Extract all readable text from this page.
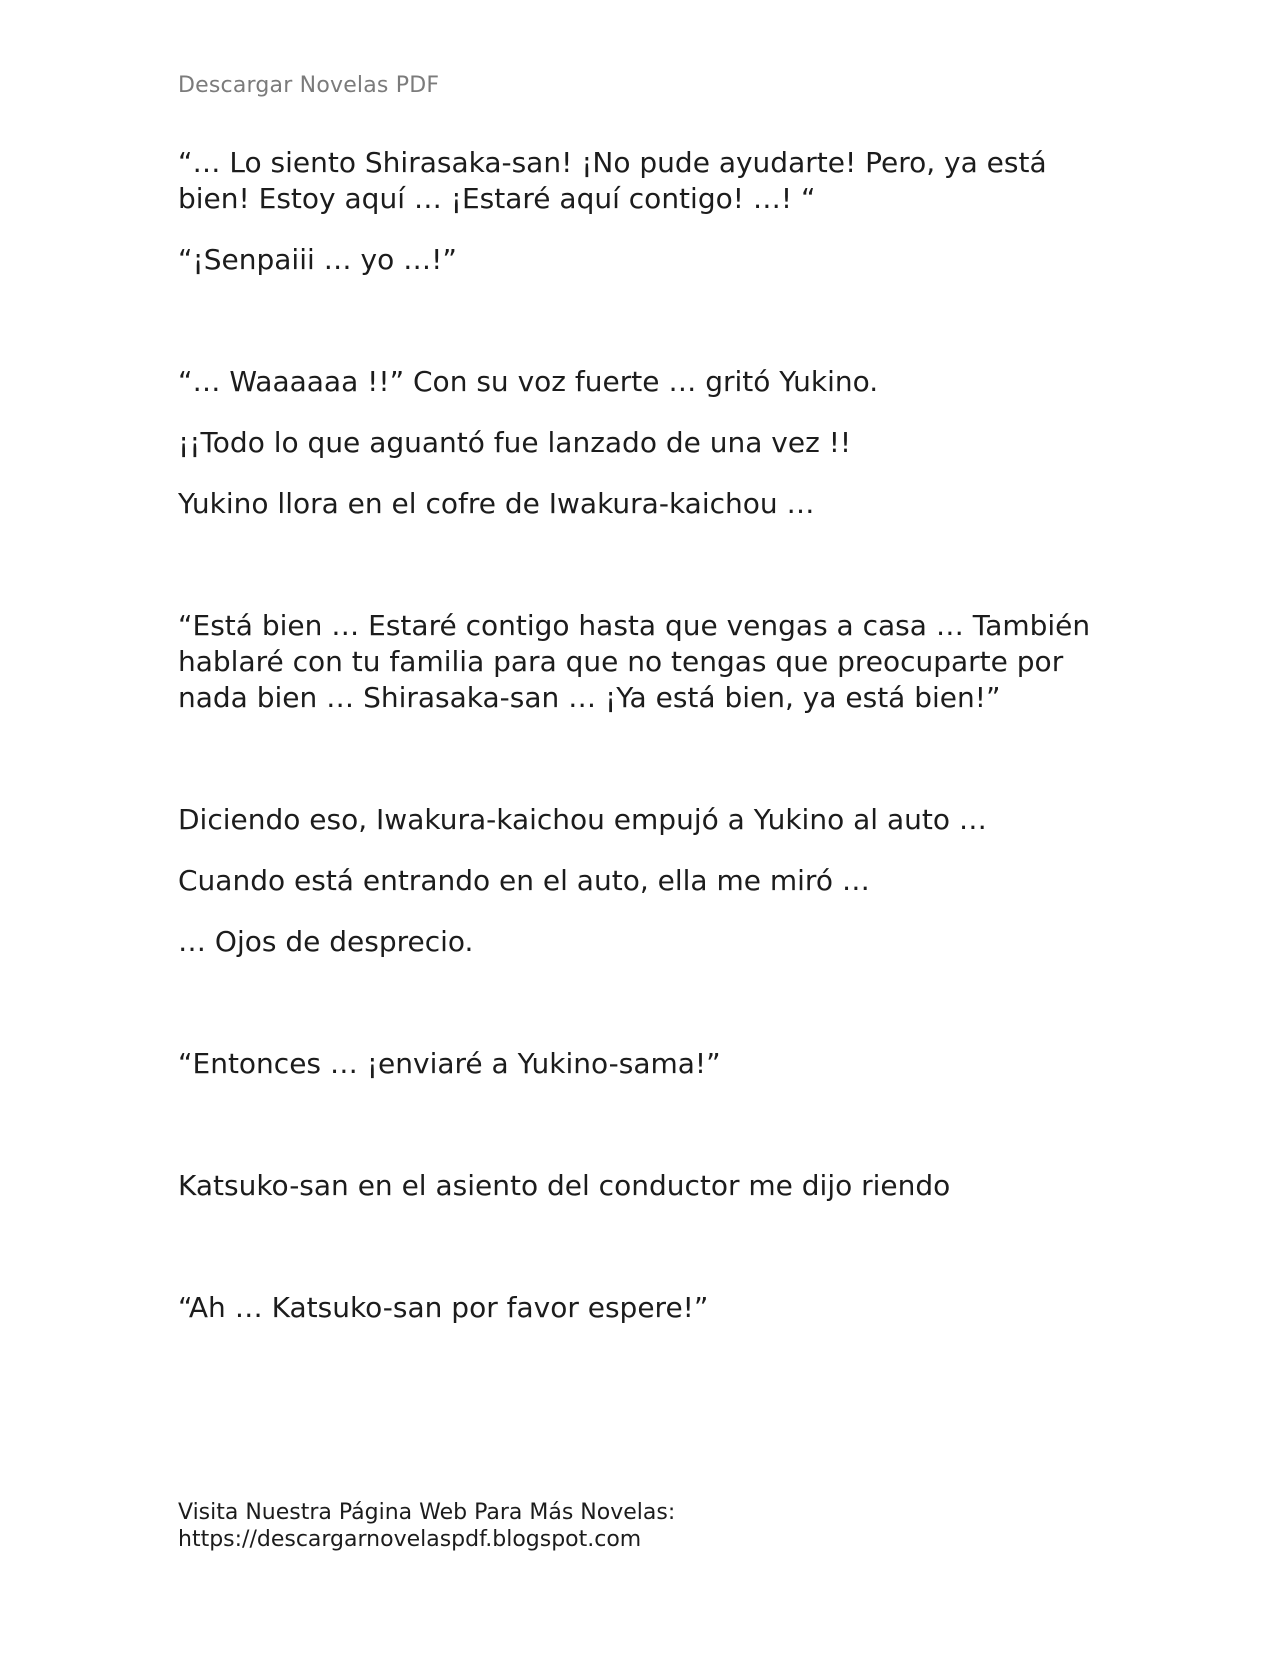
Descargar Novelas PDF

“… Lo siento Shirasaka-san! ¡No pude ayudarte! Pero, ya está bien! Estoy aquí … ¡Estaré aquí contigo! …! “

“¡Senpaiii … yo …!”

“… Waaaaaa !!” Con su voz fuerte … gritó Yukino.

¡¡Todo lo que aguantó fue lanzado de una vez !!

Yukino llora en el cofre de Iwakura-kaichou …

“Está bien … Estaré contigo hasta que vengas a casa … También hablaré con tu familia para que no tengas que preocuparte por nada bien … Shirasaka-san … ¡Ya está bien, ya está bien!”

Diciendo eso, Iwakura-kaichou empujó a Yukino al auto …

Cuando está entrando en el auto, ella me miró …

… Ojos de desprecio.

“Entonces … ¡enviaré a Yukino-sama!”

Katsuko-san en el asiento del conductor me dijo riendo

“Ah … Katsuko-san por favor espere!”

Visita Nuestra Página Web Para Más Novelas:
https://descargarnovelaspdf.blogspot.com
